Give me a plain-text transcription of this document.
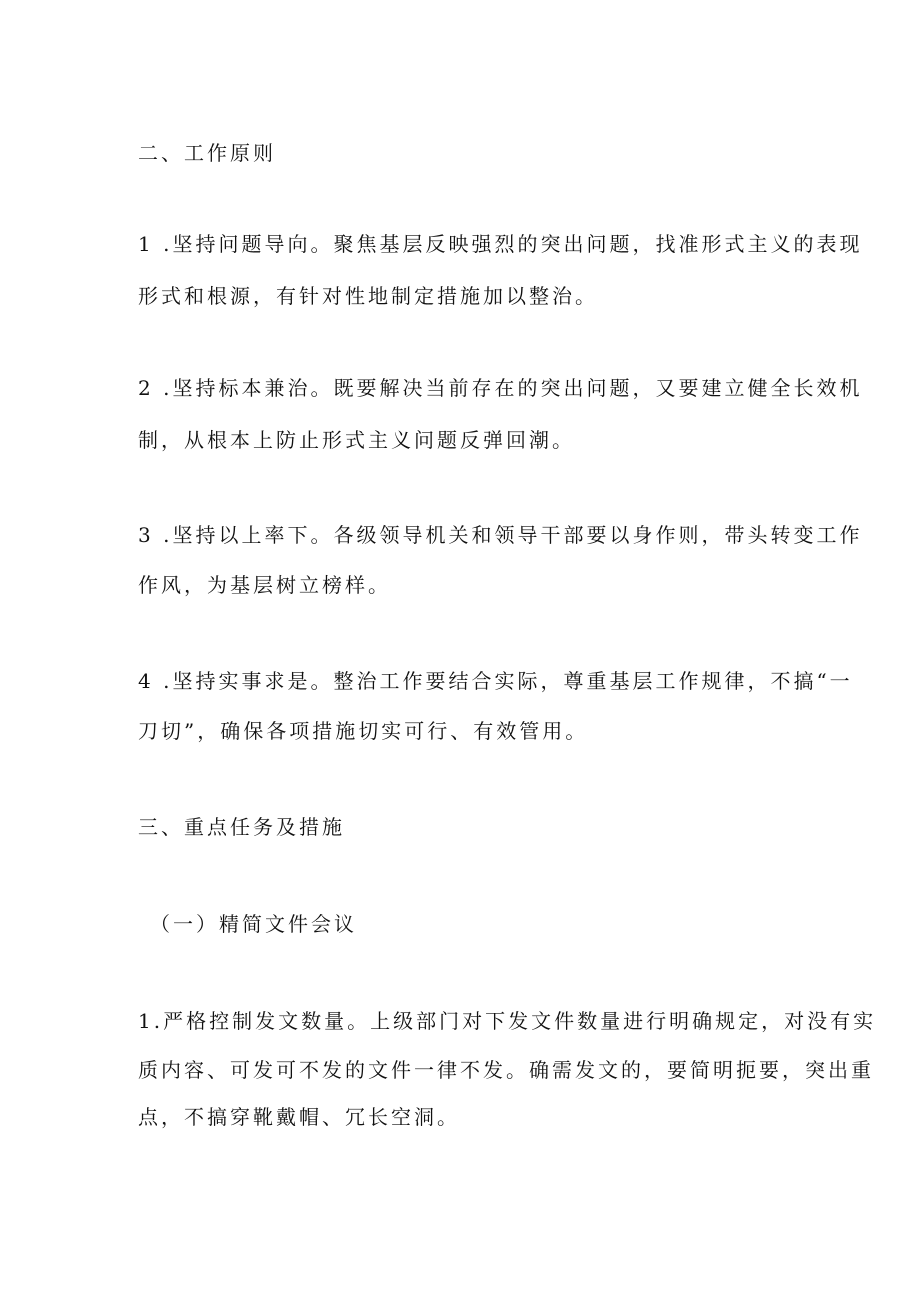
二、工作原则
1 .坚持问题导向。聚焦基层反映强烈的突出问题，找准形式主义的表现
形式和根源，有针对性地制定措施加以整治。
2 .坚持标本兼治。既要解决当前存在的突出问题，又要建立健全长效机
制，从根本上防止形式主义问题反弹回潮。
3 .坚持以上率下。各级领导机关和领导干部要以身作则，带头转变工作
作风，为基层树立榜样。
4 .坚持实事求是。整治工作要结合实际，尊重基层工作规律，不搞“一
刀切”，确保各项措施切实可行、有效管用。
三、重点任务及措施
（一）精简文件会议
1.严格控制发文数量。上级部门对下发文件数量进行明确规定，对没有实
质内容、可发可不发的文件一律不发。确需发文的，要简明扼要，突出重
点，不搞穿靴戴帽、冗长空洞。
